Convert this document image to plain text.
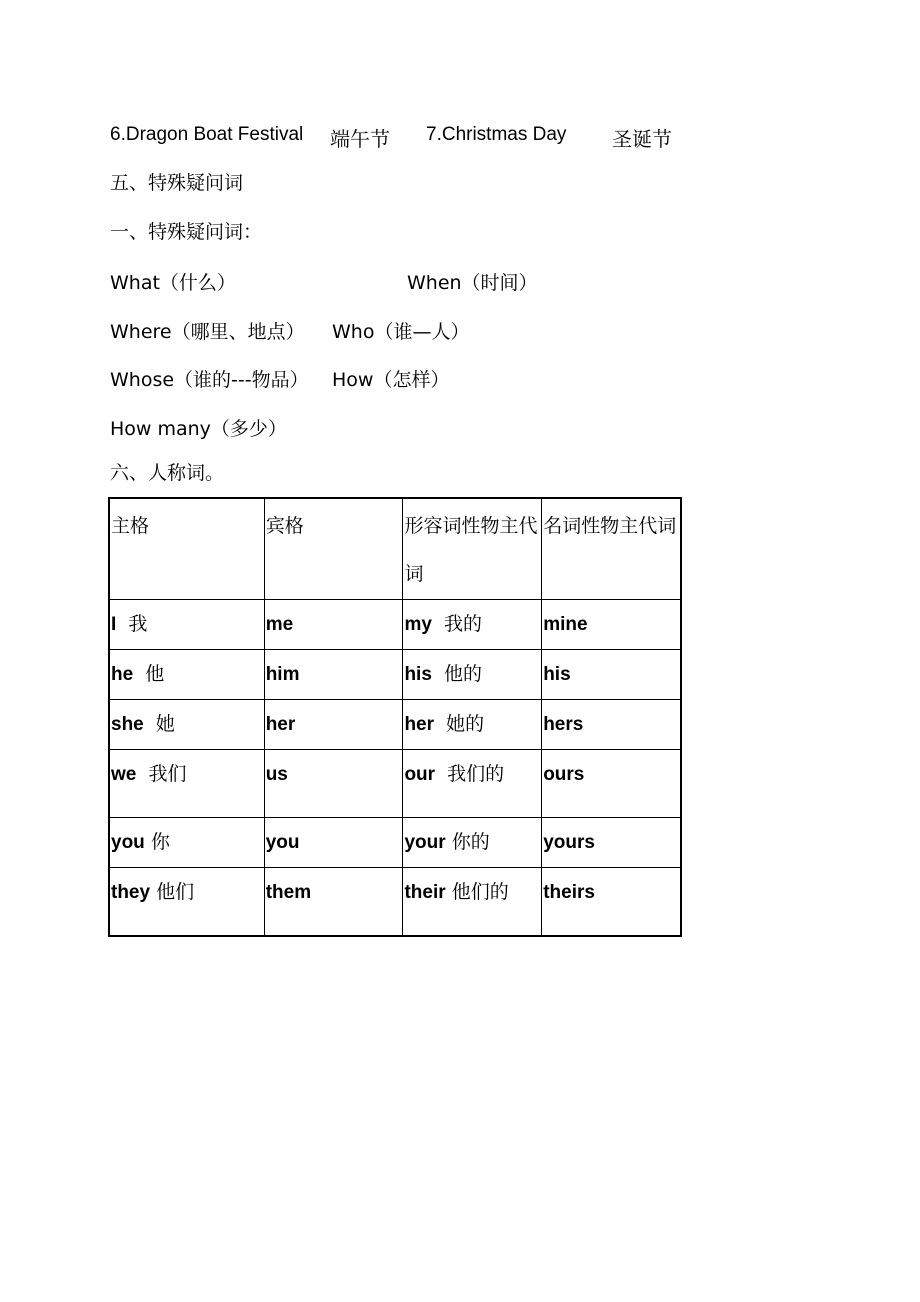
6.Dragon Boat Festival 端午节 7.Christmas Day 圣诞节
五、特殊疑问词
一、特殊疑问词：
What（什么）	When（时间）
Where（哪里、地点） Who（谁—人）
Whose（谁的---物品） How（怎样）
How many（多少）
六、人称词。
主格	宾格	形容词性物主代词	名词性物主代词
I 我	me	my 我的	mine
he 他	him	his 他的	his
she 她	her	her 她的	hers
we 我们	us	our 我们的	ours
you 你	you	your 你的	yours
they 他们	them	their 他们的	theirs
